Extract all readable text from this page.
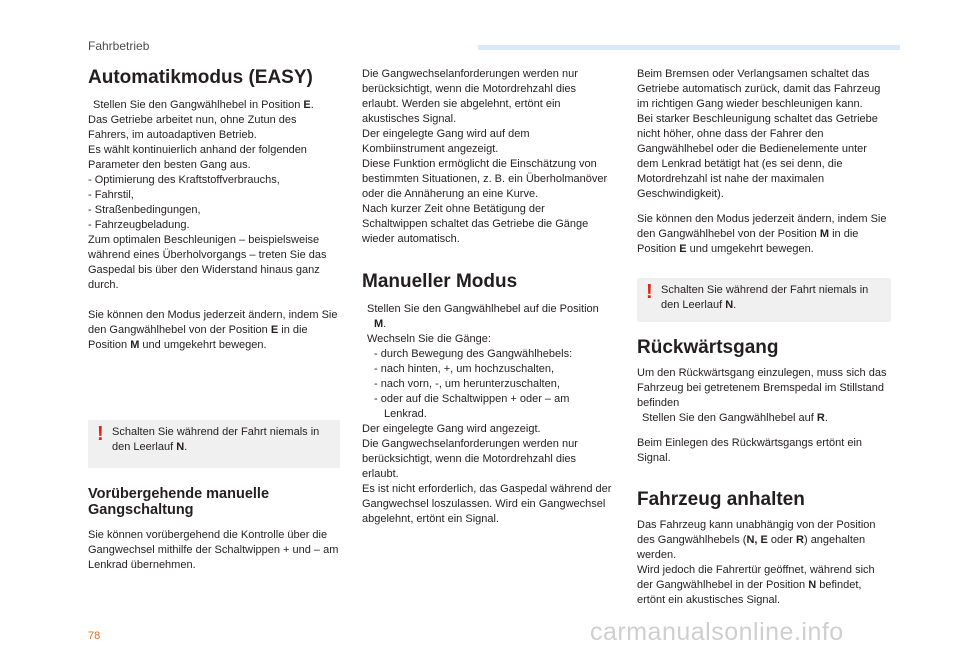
Fahrbetrieb
Automatikmodus (EASY)

Stellen Sie den Gangwählhebel in Position E.

Das Getriebe arbeitet nun, ohne Zutun des Fahrers, im autoadaptiven Betrieb.

Es wählt kontinuierlich anhand der folgenden Parameter den besten Gang aus.

- Optimierung des Kraftstoffverbrauchs,

- Fahrstil,

- Straßenbedingungen,

- Fahrzeugbeladung.

Zum optimalen Beschleunigen – beispielsweise während eines Überholvorgangs – treten Sie das Gaspedal bis über den Widerstand hinaus ganz durch.

Sie können den Modus jederzeit ändern, indem Sie den Gangwählhebel von der Position E in die Position M und umgekehrt bewegen.

! Schalten Sie während der Fahrt niemals in den Leerlauf N.
Vorübergehende manuelle Gangschaltung

Sie können vorübergehend die Kontrolle über die Gangwechsel mithilfe der Schaltwippen + und – am Lenkrad übernehmen.

Die Gangwechselanforderungen werden nur berücksichtigt, wenn die Motordrehzahl dies erlaubt. Werden sie abgelehnt, ertönt ein akustisches Signal.

Der eingelegte Gang wird auf dem Kombiinstrument angezeigt.

Diese Funktion ermöglicht die Einschätzung von bestimmten Situationen, z. B. ein Überholmanöver oder die Annäherung an eine Kurve.

Nach kurzer Zeit ohne Betätigung der Schaltwippen schaltet das Getriebe die Gänge wieder automatisch.

Manueller Modus

Stellen Sie den Gangwählhebel auf die Position M.

Wechseln Sie die Gänge:

- durch Bewegung des Gangwählhebels:

- nach hinten, +, um hochzuschalten,

- nach vorn, -, um herunterzuschalten,

- oder auf die Schaltwippen + oder – am Lenkrad.

Der eingelegte Gang wird angezeigt.

Die Gangwechselanforderungen werden nur berücksichtigt, wenn die Motordrehzahl dies erlaubt.

Es ist nicht erforderlich, das Gaspedal während der Gangwechsel loszulassen. Wird ein Gangwechsel abgelehnt, ertönt ein Signal.

Beim Bremsen oder Verlangsamen schaltet das Getriebe automatisch zurück, damit das Fahrzeug im richtigen Gang wieder beschleunigen kann.

Bei starker Beschleunigung schaltet das Getriebe nicht höher, ohne dass der Fahrer den Gangwählhebel oder die Bedienelemente unter dem Lenkrad betätigt hat (es sei denn, die Motordrehzahl ist nahe der maximalen Geschwindigkeit).

Sie können den Modus jederzeit ändern, indem Sie den Gangwählhebel von der Position M in die Position E und umgekehrt bewegen.

! Schalten Sie während der Fahrt niemals in den Leerlauf N.
Rückwärtsgang

Um den Rückwärtsgang einzulegen, muss sich das Fahrzeug bei getretenem Bremspedal im Stillstand befinden

Stellen Sie den Gangwählhebel auf R.

Beim Einlegen des Rückwärtsgangs ertönt ein Signal.

Fahrzeug anhalten

Das Fahrzeug kann unabhängig von der Position des Gangwählhebels (N, E oder R) angehalten werden.

Wird jedoch die Fahrertür geöffnet, während sich der Gangwählhebel in der Position N befindet, ertönt ein akustisches Signal.

78	carmanualsonline.info
